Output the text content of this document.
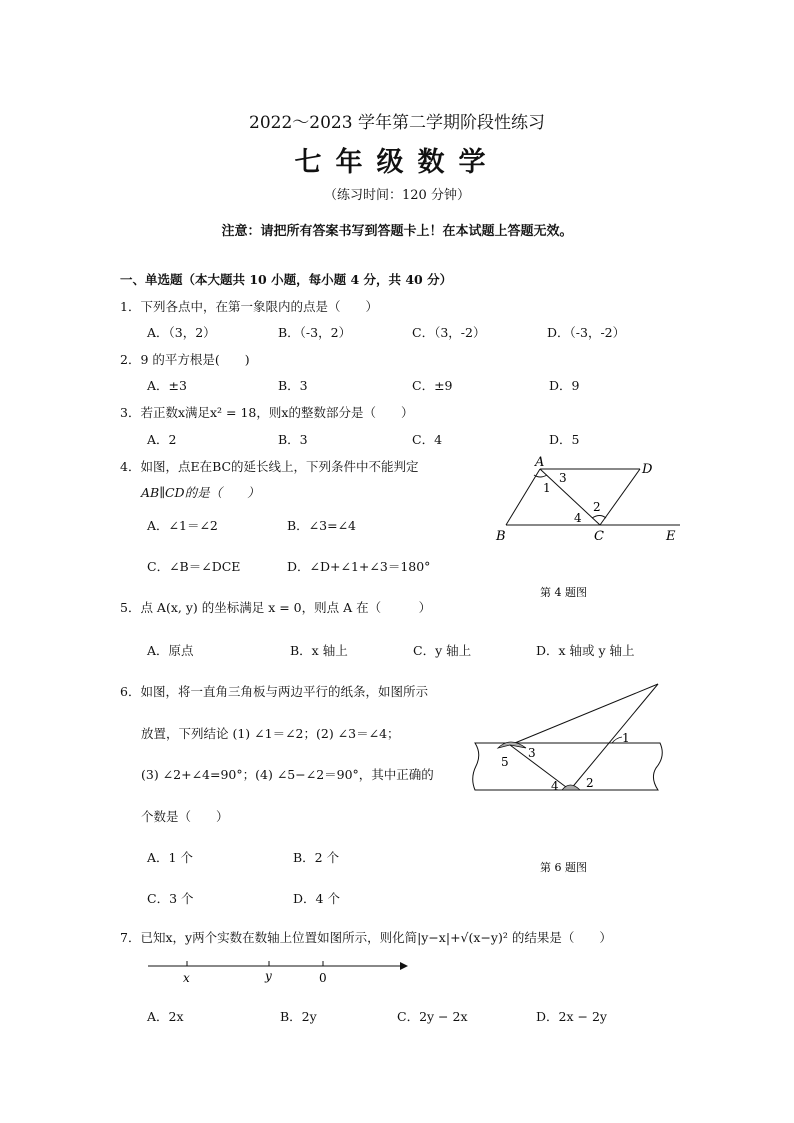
2022～2023 学年第二学期阶段性练习
七年级数学
（练习时间：120 分钟）
注意：请把所有答案书写到答题卡上！在本试题上答题无效。
一、单选题（本大题共 10 小题，每小题 4 分，共 40 分）
1．下列各点中，在第一象限内的点是（　　）
A．（3，2）	B．（-3，2）	C．（3，-2）	D．（-3，-2）
2．9 的平方根是(　　)
A．±3	B．3	C．±9	D．9
3．若正数x满足x² = 18，则x的整数部分是（　　）
A．2	B．3	C．4	D．5
4．如图，点E在BC的延长线上，下列条件中不能判定
AB∥CD的是（　　）
A．∠1＝∠2	B．∠3=∠4
C．∠B＝∠DCE	D．∠D+∠1+∠3＝180°
A	D
B	C	E
1
3
2
4
第 4 题图
5．点 A(x, y) 的坐标满足 x = 0，则点 A 在（　　　）
A．原点	B．x 轴上	C．y 轴上	D．x 轴或 y 轴上
6．如图，将一直角三角板与两边平行的纸条，如图所示
放置，下列结论 (1) ∠1＝∠2；(2) ∠3＝∠4；
(3) ∠2+∠4=90°；(4) ∠5−∠2＝90°，其中正确的
个数是（　　）
A．1 个	B．2 个
C．3 个	D．4 个
3
5
1
4 2
第 6 题图
7．已知x，y两个实数在数轴上位置如图所示，则化简|y−x|+√(x−y)² 的结果是（　　）
x	y	0
A．2x	B．2y	C．2y − 2x	D．2x − 2y
